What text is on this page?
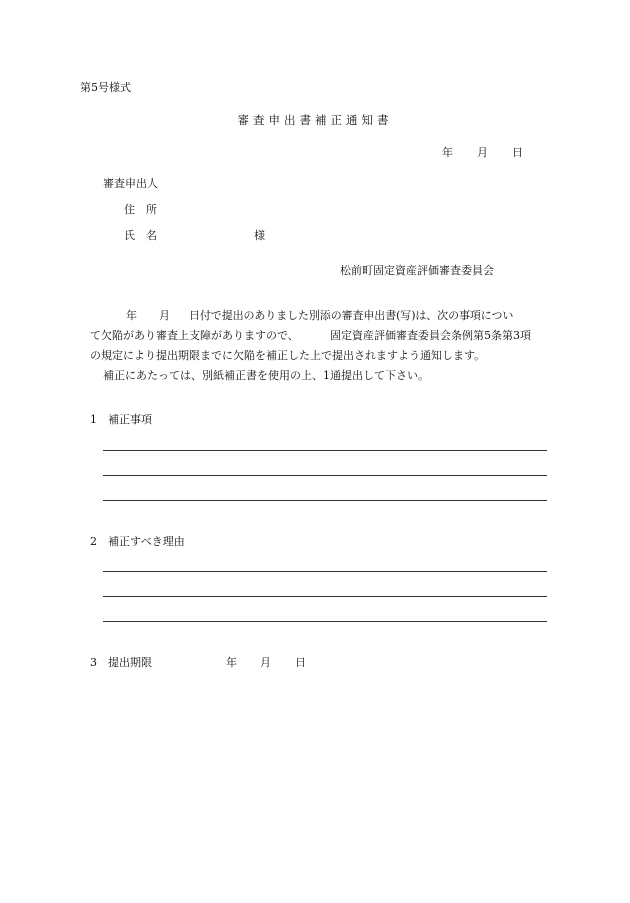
第5号様式
審査申出書補正通知書
年 月 日
審査申出人
住　所
氏　名	様
松前町固定資産評価審査委員会
年 月 日付で提出のありました別添の審査申出書(写)は、次の事項につい
て欠陥があり審査上支障がありますので、	固定資産評価審査委員会条例第5条第3項
の規定により提出期限までに欠陥を補正した上で提出されますよう通知します。
補正にあたっては、別紙補正書を使用の上、1通提出して下さい。
1 補正事項
2 補正すべき理由
3 提出期限	年 月 日
